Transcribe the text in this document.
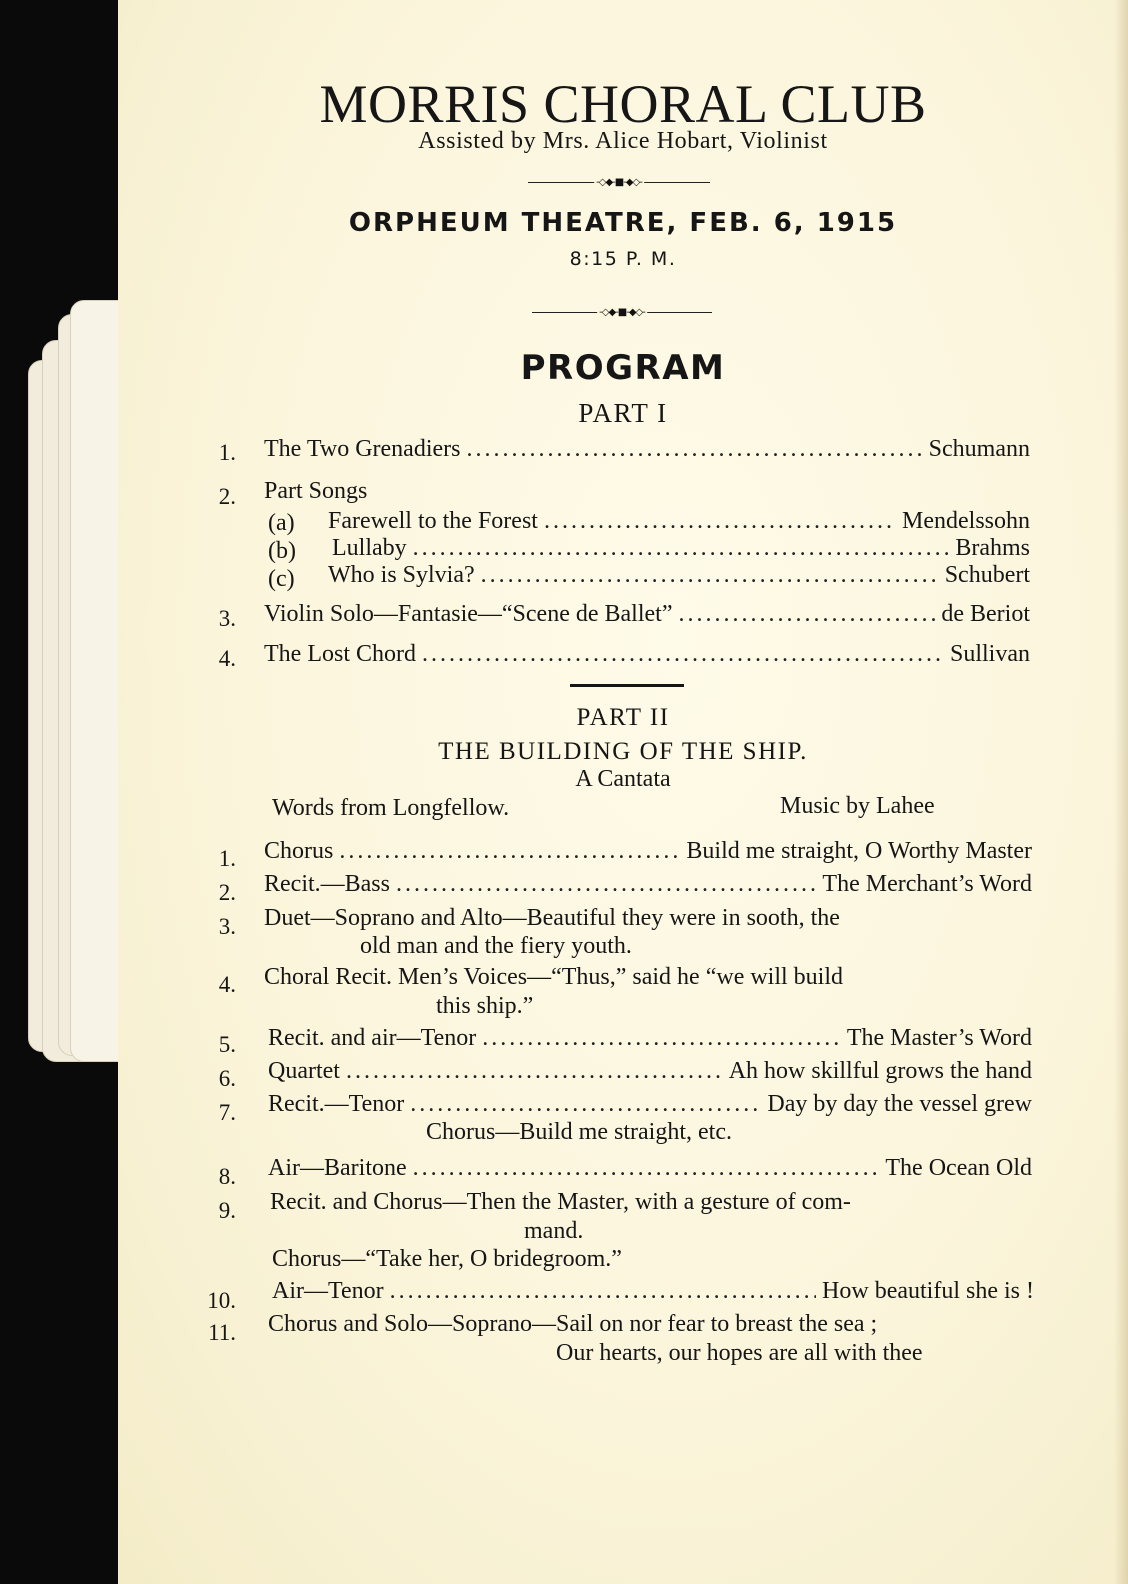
MORRIS CHORAL CLUB
Assisted by Mrs. Alice Hobart, Violinist
-◇◆-■-◆◇-
ORPHEUM THEATRE, FEB. 6, 1915
8:15 P. M.
-◇◆-■-◆◇-
PROGRAM
PART I
1. The Two Grenadiers .....	Schumann
2. Part Songs
(a) Farewell to the Forest .....	Mendelssohn
(b) Lullaby .....	Brahms
(c) Who is Sylvia? .....	Schubert
3. Violin Solo—Fantasie—“Scene de Ballet” .....	de Beriot
4. The Lost Chord .....	Sullivan
PART II
THE BUILDING OF THE SHIP.
A Cantata
Words from Longfellow.	Music by Lahee
1. Chorus .....	Build me straight, O Worthy Master
2. Recit.—Bass .....	The Merchant’s Word
3. Duet—Soprano and Alto—Beautiful they were in sooth, the
old man and the fiery youth.
4. Choral Recit. Men’s Voices—“Thus,” said he “we will build
this ship.”
5. Recit. and air—Tenor .....	The Master’s Word
6. Quartet .....	Ah how skillful grows the hand
7. Recit.—Tenor .....	Day by day the vessel grew
Chorus—Build me straight, etc.
8. Air—Baritone .....	The Ocean Old
9. Recit. and Chorus—Then the Master, with a gesture of com-
mand.
Chorus—“Take her, O bridegroom.”
10. Air—Tenor .....	How beautiful she is !
11. Chorus and Solo—Soprano—Sail on nor fear to breast the sea ;
Our hearts, our hopes are all with thee
